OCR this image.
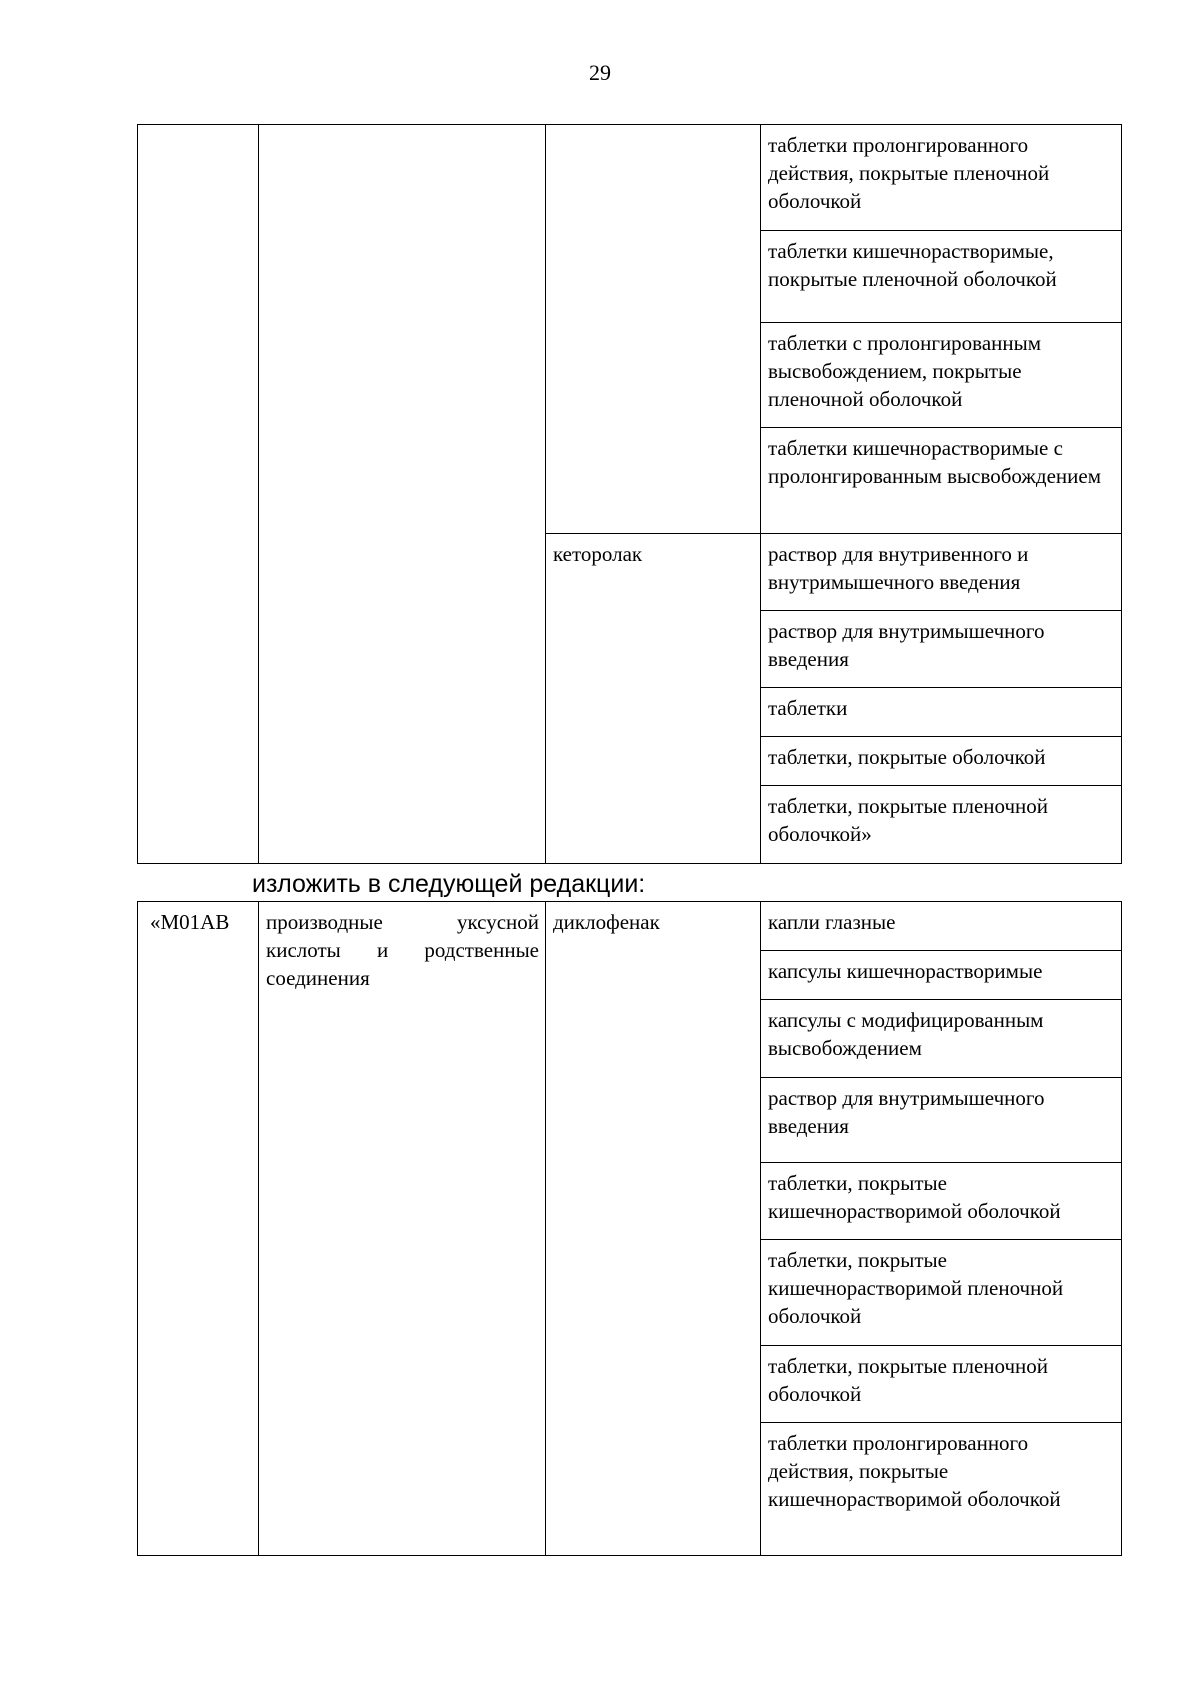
29
			таблетки пролонгированного действия, покрытые пленочной оболочкой
			таблетки кишечнорастворимые, покрытые пленочной оболочкой
			таблетки с пролонгированным высвобождением, покрытые пленочной оболочкой
			таблетки кишечнорастворимые с пролонгированным высвобождением
		кеторолак	раствор для внутривенного и внутримышечного введения
			раствор для внутримышечного введения
			таблетки
			таблетки, покрытые оболочкой
			таблетки, покрытые пленочной оболочкой»
изложить в следующей редакции:
«M01AB	производные уксусной кислоты и родственные соединения	диклофенак	капли глазные
капсулы кишечнорастворимые
капсулы с модифицированным высвобождением
раствор для внутримышечного введения
таблетки, покрытые кишечнорастворимой оболочкой
таблетки, покрытые кишечнорастворимой пленочной оболочкой
таблетки, покрытые пленочной оболочкой
таблетки пролонгированного действия, покрытые кишечнорастворимой оболочкой
